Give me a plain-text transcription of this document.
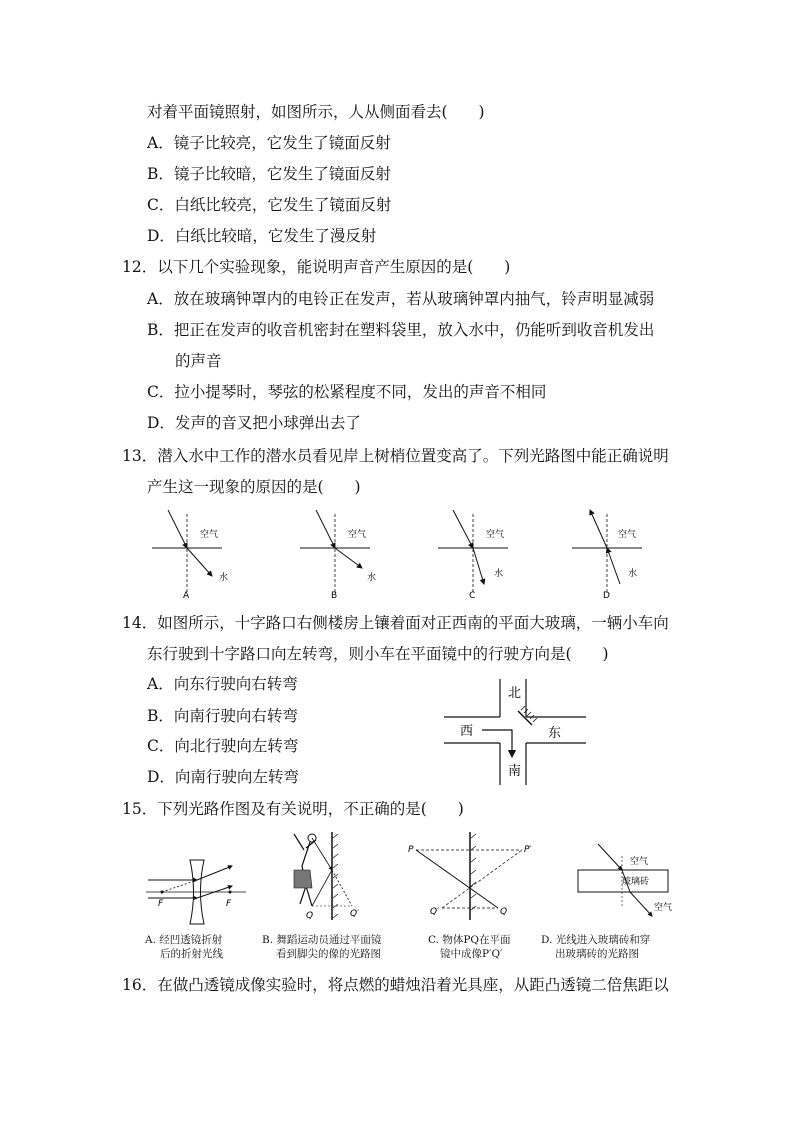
对着平面镜照射，如图所示，人从侧面看去(　　)
A．镜子比较亮，它发生了镜面反射
B．镜子比较暗，它发生了镜面反射
C．白纸比较亮，它发生了镜面反射
D．白纸比较暗，它发生了漫反射
12．以下几个实验现象，能说明声音产生原因的是(　　)
A．放在玻璃钟罩内的电铃正在发声，若从玻璃钟罩内抽气，铃声明显减弱
B．把正在发声的收音机密封在塑料袋里，放入水中，仍能听到收音机发出
的声音
C．拉小提琴时，琴弦的松紧程度不同，发出的声音不相同
D．发声的音叉把小球弹出去了
13．潜入水中工作的潜水员看见岸上树梢位置变高了。下列光路图中能正确说明
产生这一现象的原因的是(　　)
空气
水
A
空气
水
B
空气
水
C
空气
水
D
14．如图所示，十字路口右侧楼房上镶着面对正西南的平面大玻璃，一辆小车向
东行驶到十字路口向左转弯，则小车在平面镜中的行驶方向是(　　)
A．向东行驶向右转弯
B．向南行驶向右转弯
C．向北行驶向左转弯
D．向南行驶向左转弯
北
西	东
南
15．下列光路作图及有关说明，不正确的是(　　)
F	F
Q	Q′
P	P′
Q′	Q
空气
玻璃砖
空气
A. 经凹透镜折射
后的折射光线
B. 舞蹈运动员通过平面镜
看到脚尖的像的光路图
C. 物体PQ在平面
镜中成像P′Q′
D. 光线进入玻璃砖和穿
出玻璃砖的光路图
16．在做凸透镜成像实验时，将点燃的蜡烛沿着光具座，从距凸透镜二倍焦距以
